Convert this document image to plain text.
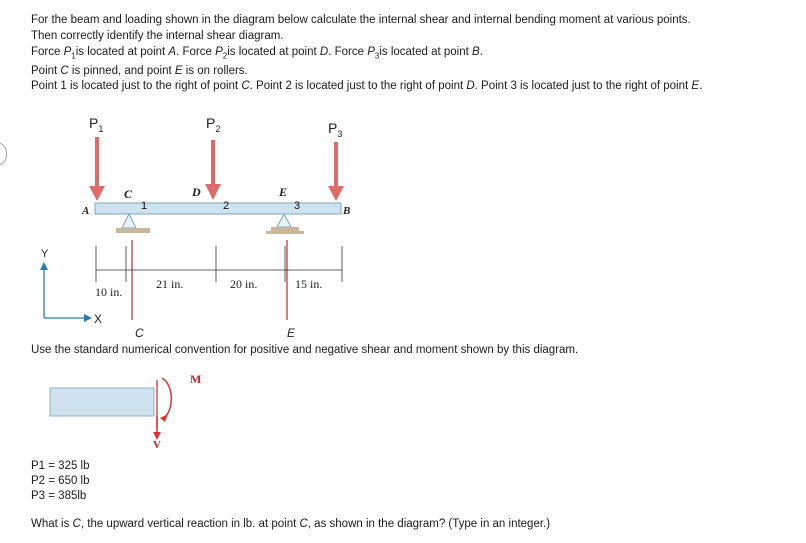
For the beam and loading shown in the diagram below calculate the internal shear and internal bending moment at various points.
Then correctly identify the internal shear diagram.
Force $P_1is$ located at point A. Force $P_2is$ located at point D. Force $P_3is$ located at point B.
Point C is pinned, and point E is on rollers.
Point 1 is located just to the right of point C. Point 2 is located just to the right of point D. Point 3 is located just to the right of point E.
$P_1$	$P_2$	$P_3$
A	B
C	D	E
1	2	3
10 in.
21 in.	20 in.	15 in.
Y
X
C	E
Use the standard numerical convention for positive and negative shear and moment shown by this diagram.
M
V
P1 = 325 lb
P2 = 650 lb
P3 = 385lb
What is C, the upward vertical reaction in lb. at point C, as shown in the diagram? (Type in an integer.)
